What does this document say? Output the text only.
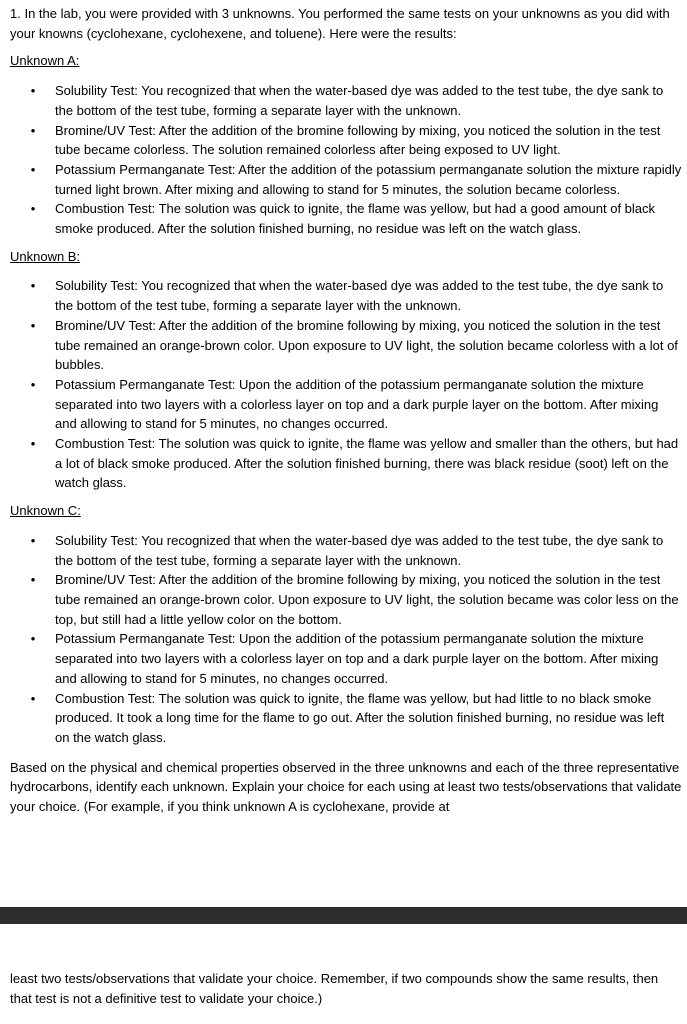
1. In the lab, you were provided with 3 unknowns. You performed the same tests on your unknowns as you did with your knowns (cyclohexane, cyclohexene, and toluene). Here were the results:

Unknown A:
• Solubility Test: You recognized that when the water-based dye was added to the test tube, the dye sank to the bottom of the test tube, forming a separate layer with the unknown.
• Bromine/UV Test: After the addition of the bromine following by mixing, you noticed the solution in the test tube became colorless. The solution remained colorless after being exposed to UV light.
• Potassium Permanganate Test: After the addition of the potassium permanganate solution the mixture rapidly turned light brown. After mixing and allowing to stand for 5 minutes, the solution became colorless.
• Combustion Test: The solution was quick to ignite, the flame was yellow, but had a good amount of black smoke produced. After the solution finished burning, no residue was left on the watch glass.
Unknown B:
• Solubility Test: You recognized that when the water-based dye was added to the test tube, the dye sank to the bottom of the test tube, forming a separate layer with the unknown.
• Bromine/UV Test: After the addition of the bromine following by mixing, you noticed the solution in the test tube remained an orange-brown color. Upon exposure to UV light, the solution became colorless with a lot of bubbles.
• Potassium Permanganate Test: Upon the addition of the potassium permanganate solution the mixture separated into two layers with a colorless layer on top and a dark purple layer on the bottom. After mixing and allowing to stand for 5 minutes, no changes occurred.
• Combustion Test: The solution was quick to ignite, the flame was yellow and smaller than the others, but had a lot of black smoke produced. After the solution finished burning, there was black residue (soot) left on the watch glass.
Unknown C:
• Solubility Test: You recognized that when the water-based dye was added to the test tube, the dye sank to the bottom of the test tube, forming a separate layer with the unknown.
• Bromine/UV Test: After the addition of the bromine following by mixing, you noticed the solution in the test tube remained an orange-brown color. Upon exposure to UV light, the solution became was color less on the top, but still had a little yellow color on the bottom.
• Potassium Permanganate Test: Upon the addition of the potassium permanganate solution the mixture separated into two layers with a colorless layer on top and a dark purple layer on the bottom. After mixing and allowing to stand for 5 minutes, no changes occurred.
• Combustion Test: The solution was quick to ignite, the flame was yellow, but had little to no black smoke produced. It took a long time for the flame to go out. After the solution finished burning, no residue was left on the watch glass.

Based on the physical and chemical properties observed in the three unknowns and each of the three representative hydrocarbons, identify each unknown. Explain your choice for each using at least two tests/observations that validate your choice. (For example, if you think unknown A is cyclohexane, provide at

least two tests/observations that validate your choice. Remember, if two compounds show the same results, then that test is not a definitive test to validate your choice.)
